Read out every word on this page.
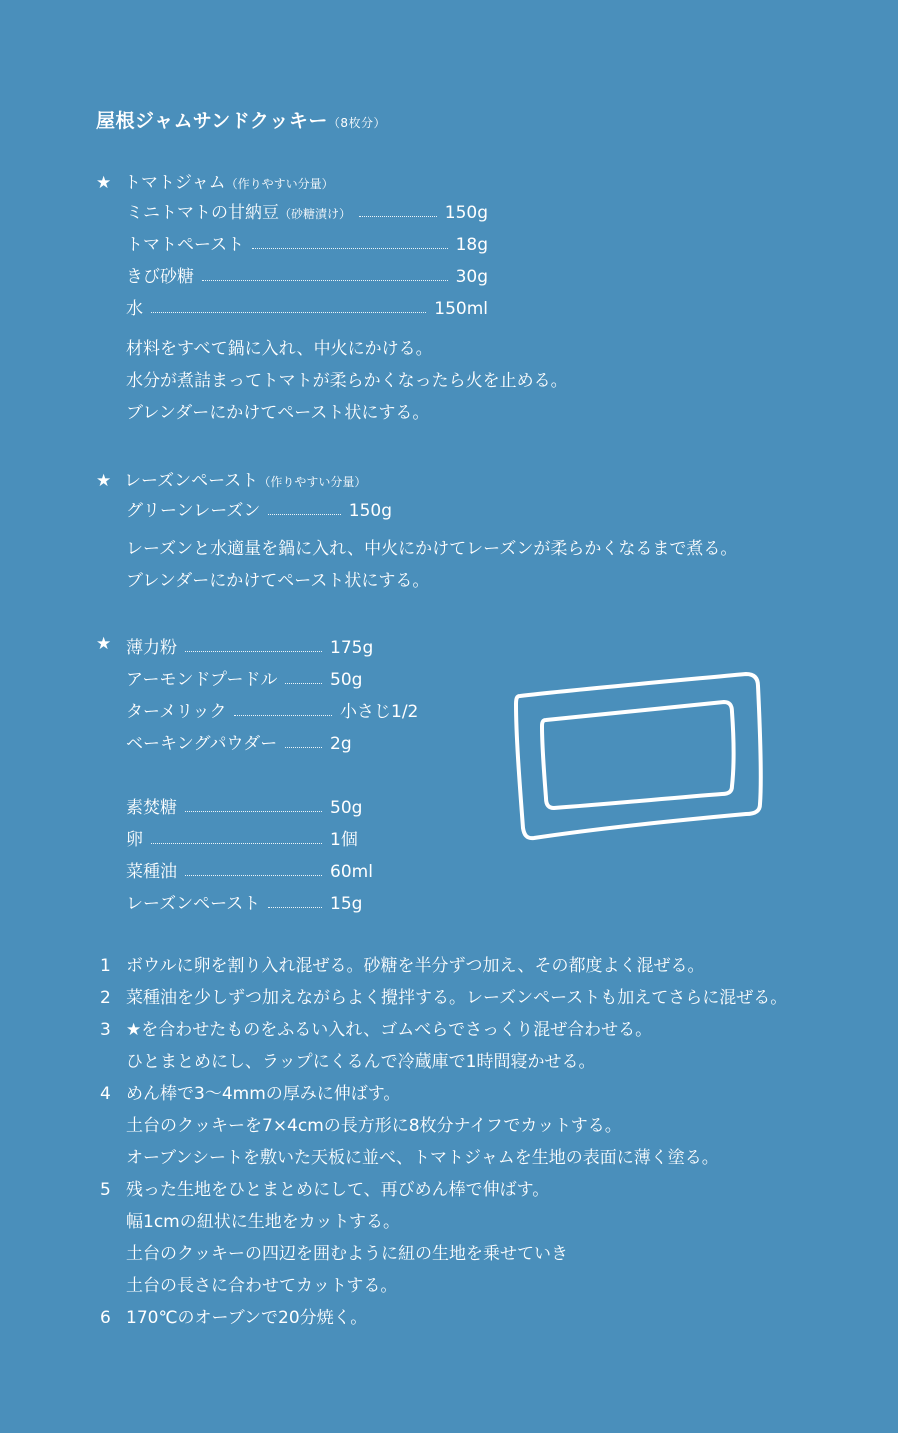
屋根ジャムサンドクッキー（8枚分）
★ トマトジャム（作りやすい分量）
ミニトマトの甘納豆（砂糖漬け）	150g
トマトペースト	18g
きび砂糖	30g
水	150ml
材料をすべて鍋に入れ、中火にかける。
水分が煮詰まってトマトが柔らかくなったら火を止める。
ブレンダーにかけてペースト状にする。
★ レーズンペースト（作りやすい分量）
グリーンレーズン	150g
レーズンと水適量を鍋に入れ、中火にかけてレーズンが柔らかくなるまで煮る。
ブレンダーにかけてペースト状にする。
★ 薄力粉	175g
アーモンドプードル	50g
ターメリック	小さじ1/2
ベーキングパウダー	2g
素焚糖	50g
卵	1個
菜種油	60ml
レーズンペースト	15g
1 ボウルに卵を割り入れ混ぜる。砂糖を半分ずつ加え、その都度よく混ぜる。
2 菜種油を少しずつ加えながらよく攪拌する。レーズンペーストも加えてさらに混ぜる。
3 ★を合わせたものをふるい入れ、ゴムべらでさっくり混ぜ合わせる。
ひとまとめにし、ラップにくるんで冷蔵庫で1時間寝かせる。
4 めん棒で3～4mmの厚みに伸ばす。
土台のクッキーを7×4cmの長方形に8枚分ナイフでカットする。
オーブンシートを敷いた天板に並べ、トマトジャムを生地の表面に薄く塗る。
5 残った生地をひとまとめにして、再びめん棒で伸ばす。
幅1cmの紐状に生地をカットする。
土台のクッキーの四辺を囲むように紐の生地を乗せていき
土台の長さに合わせてカットする。
6 170℃のオーブンで20分焼く。
